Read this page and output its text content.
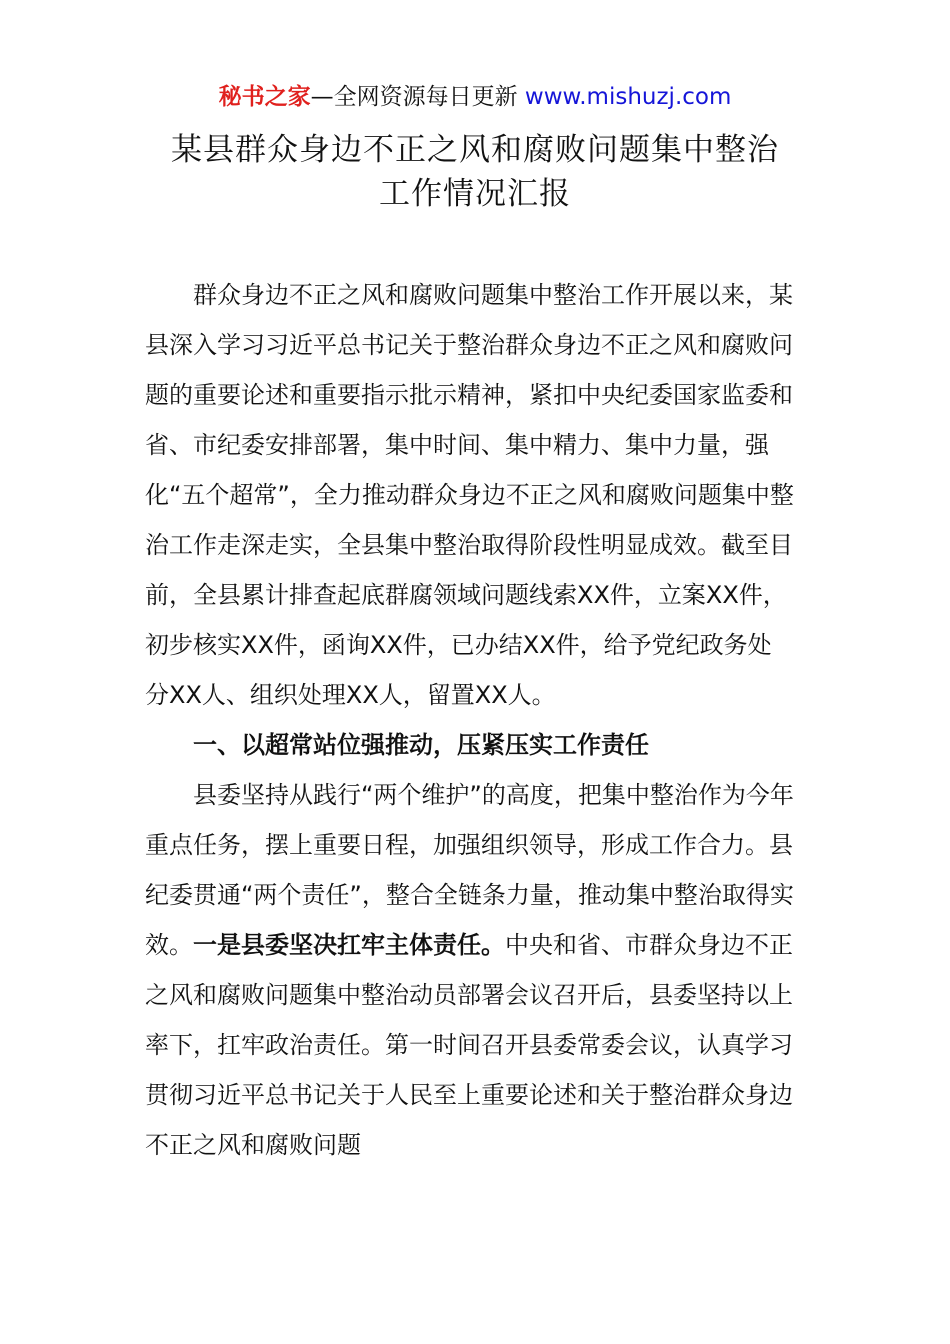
秘书之家—全网资源每日更新 www.mishuzj.com
某县群众身边不正之风和腐败问题集中整治
工作情况汇报

群众身边不正之风和腐败问题集中整治工作开展以来，某县深入学习习近平总书记关于整治群众身边不正之风和腐败问题的重要论述和重要指示批示精神，紧扣中央纪委国家监委和省、市纪委安排部署，集中时间、集中精力、集中力量，强化“五个超常”，全力推动群众身边不正之风和腐败问题集中整治工作走深走实，全县集中整治取得阶段性明显成效。截至目前，全县累计排查起底群腐领域问题线索XX件，立案XX件，初步核实XX件，函询XX件，已办结XX件，给予党纪政务处分XX人、组织处理XX人，留置XX人。

一、以超常站位强推动，压紧压实工作责任

县委坚持从践行“两个维护”的高度，把集中整治作为今年重点任务，摆上重要日程，加强组织领导，形成工作合力。县纪委贯通“两个责任”，整合全链条力量，推动集中整治取得实效。一是县委坚决扛牢主体责任。中央和省、市群众身边不正之风和腐败问题集中整治动员部署会议召开后，县委坚持以上率下，扛牢政治责任。第一时间召开县委常委会议，认真学习贯彻习近平总书记关于人民至上重要论述和关于整治群众身边不正之风和腐败问题
